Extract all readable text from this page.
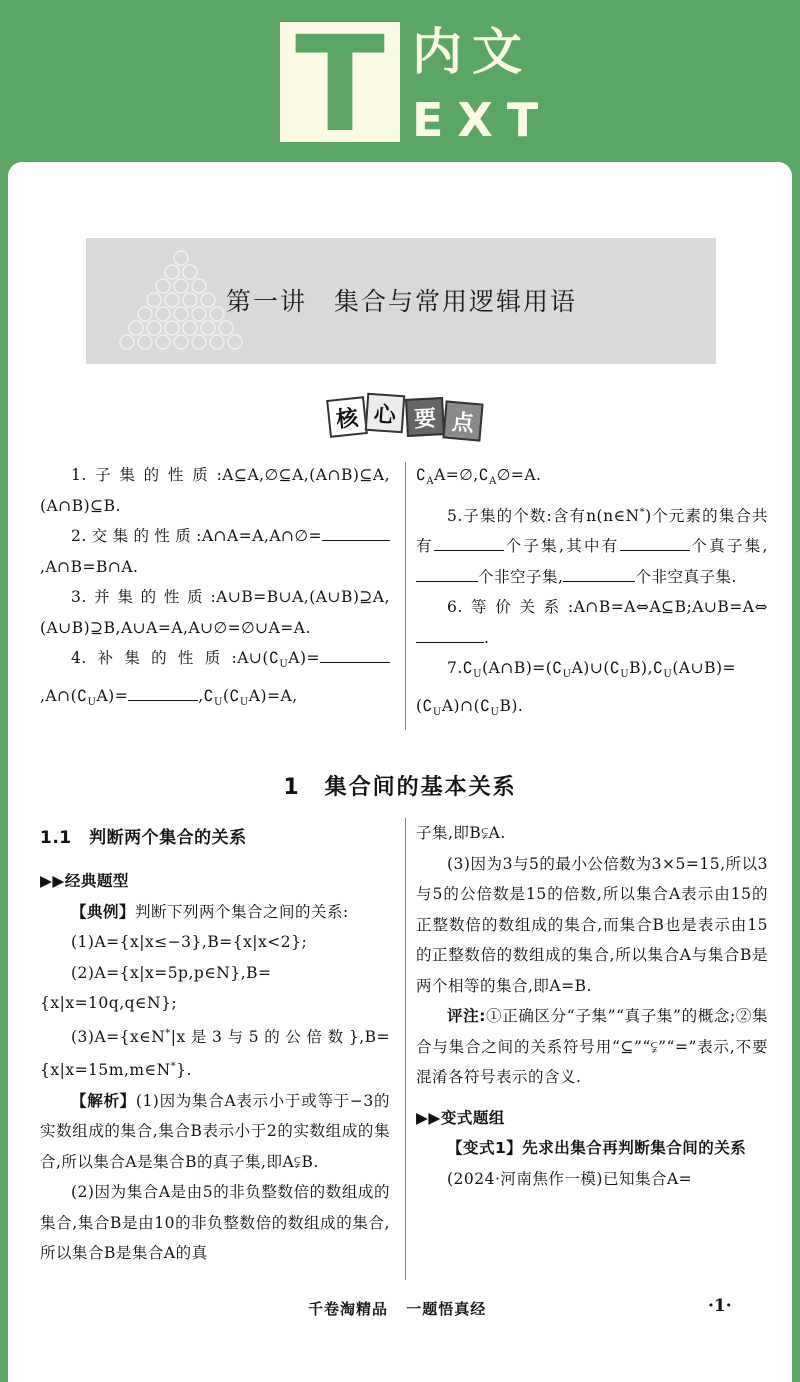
T 内文
EXT
第一讲　集合与常用逻辑用语
核 心 要 点

1.子集的性质:A⊆A,∅⊆A,(A∩B)⊆A,(A∩B)⊆B.

2.交集的性质:A∩A=A,A∩∅=,A∩B=B∩A.

3.并集的性质:A∪B=B∪A,(A∪B)⊇A,(A∪B)⊇B,A∪A=A,A∪∅=∅∪A=A.

4.补集的性质$:A\cup(∁_UA)=,A\cap(∁_UA)=$	$,∁_U(∁_UA)=A$,

$∁_AA=\emptyset,∁_A\emptyset=A$.

5.子集的个数:含有n(n∈N*)个元素的集合共有	个子集,其中有	个真子集,个非空子集,	个非空真子集.

6.等价关系:A∩B=A⇔A⊆B;A∪B=A⇔.

$7.∁_U(A\cap B)=(∁_UA)\cup(∁_UB),∁_U(A\cup B)=(∁_UA)\cap(∁_UB)$.

1　集合间的基本关系

1.1　判断两个集合的关系

▶▶经典题型

【典例】判断下列两个集合之间的关系:

(1)A={x|x≤−3},B={x|x<2};

(2)A={x|x=5p,p∈N},B={x|x=10q,q∈N};

(3)A={x∈N*|x是3与5的公倍数},B={x|x=15m,m∈N*}.

【解析】(1)因为集合A表示小于或等于−3的实数组成的集合,集合B表示小于2的实数组成的集合,所以集合A是集合B的真子集,即A⫋B.

(2)因为集合A是由5的非负整数倍的数组成的集合,集合B是由10的非负整数倍的数组成的集合,所以集合B是集合A的真

子集,即B⫋A.

(3)因为3与5的最小公倍数为3×5=15,所以3与5的公倍数是15的倍数,所以集合A表示由15的正整数倍的数组成的集合,而集合B也是表示由15的正整数倍的数组成的集合,所以集合A与集合B是两个相等的集合,即A=B.

评注:①正确区分“子集”“真子集”的概念;②集合与集合之间的关系符号用“⊆”“⫋”“=”表示,不要混淆各符号表示的含义.

▶▶变式题组

【变式1】先求出集合再判断集合间的关系

(2024·河南焦作一模)已知集合A=

千卷淘精品 一题悟真经	·1·
